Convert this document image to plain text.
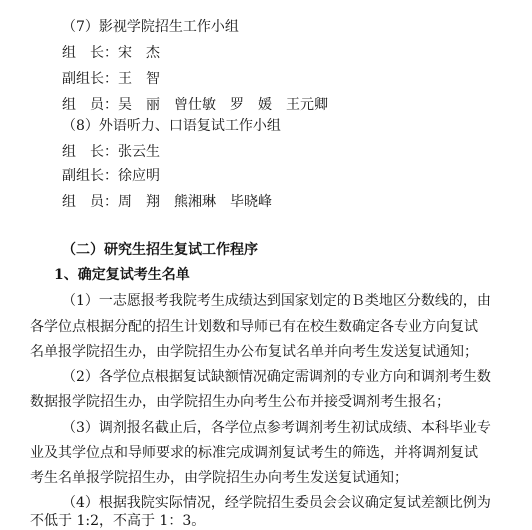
（7）影视学院招生工作小组
组　长：宋　杰
副组长：王　智
组　员：吴　丽　曾仕敏　罗　媛　王元卿
（8）外语听力、口语复试工作小组
组　长：张云生
副组长：徐应明
组　员：周　翔　熊湘琳　毕晓峰
（二）研究生招生复试工作程序
1、确定复试考生名单
（1）一志愿报考我院考生成绩达到国家划定的Ｂ类地区分数线的，由
各学位点根据分配的招生计划数和导师已有在校生数确定各专业方向复试
名单报学院招生办，由学院招生办公布复试名单并向考生发送复试通知；
（2）各学位点根据复试缺额情况确定需调剂的专业方向和调剂考生数
数据报学院招生办，由学院招生办向考生公布并接受调剂考生报名；
（3）调剂报名截止后，各学位点参考调剂考生初试成绩、本科毕业专
业及其学位点和导师要求的标准完成调剂复试考生的筛选，并将调剂复试
考生名单报学院招生办，由学院招生办向考生发送复试通知；
（4）根据我院实际情况，经学院招生委员会会议确定复试差额比例为
不低于 1:2，不高于 1：3。
